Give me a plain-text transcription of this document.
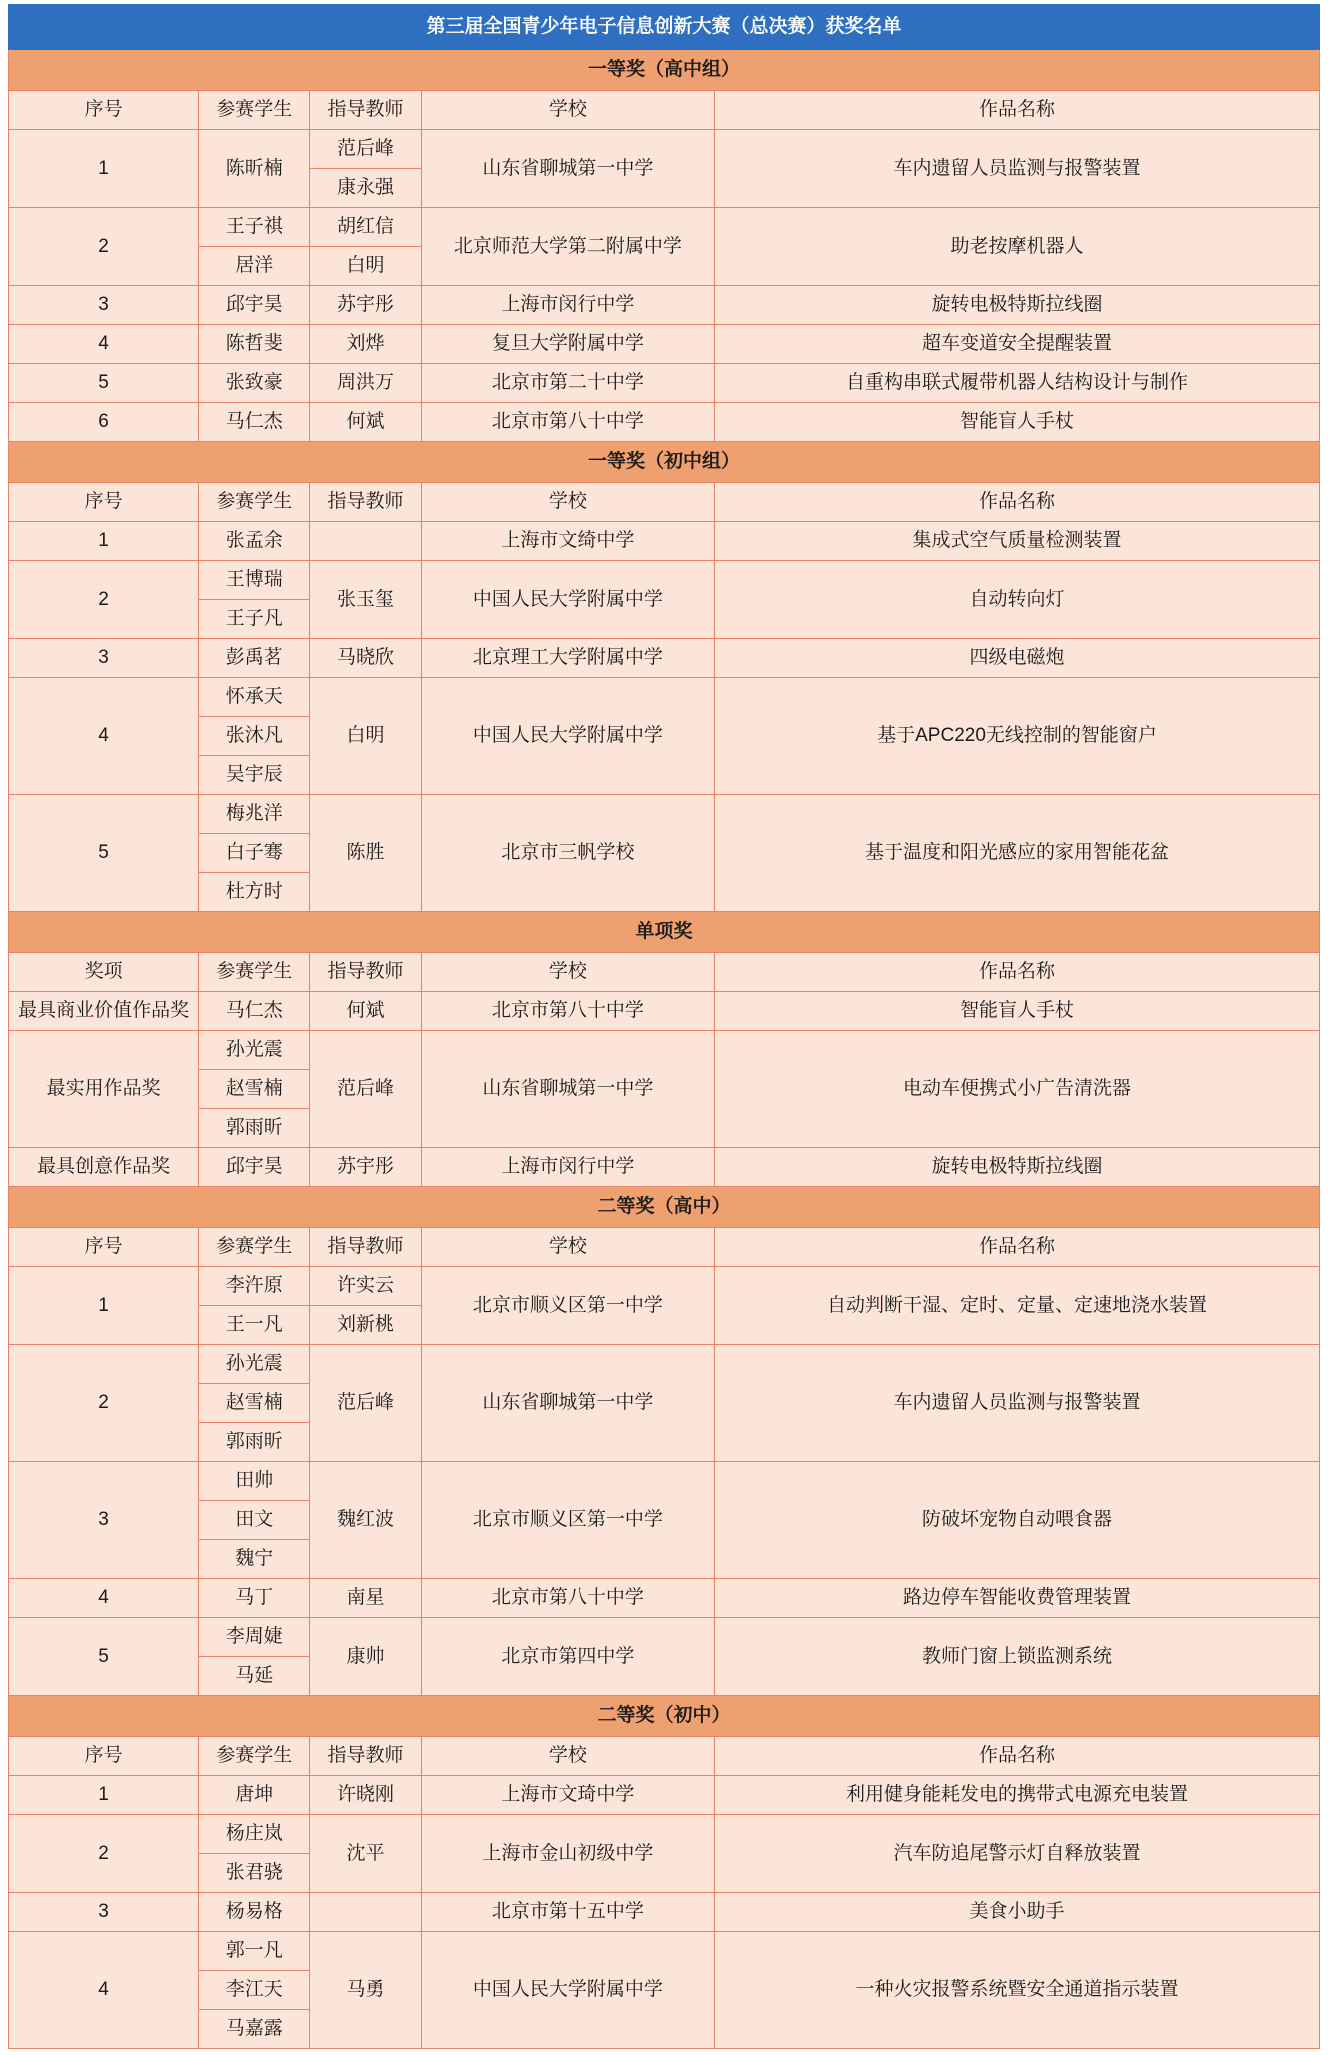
第三届全国青少年电子信息创新大赛（总决赛）获奖名单				
一等奖（高中组）				
序号	参赛学生	指导教师	学校	作品名称
1	陈昕楠	范后峰	山东省聊城第一中学	车内遗留人员监测与报警装置
		康永强		
2	王子祺	胡红信	北京师范大学第二附属中学	助老按摩机器人
	居洋	白明		
3	邱宇昊	苏宇彤	上海市闵行中学	旋转电极特斯拉线圈
4	陈哲斐	刘烨	复旦大学附属中学	超车变道安全提醒装置
5	张致豪	周洪万	北京市第二十中学	自重构串联式履带机器人结构设计与制作
6	马仁杰	何斌	北京市第八十中学	智能盲人手杖
一等奖（初中组）				
序号	参赛学生	指导教师	学校	作品名称
1	张孟余		上海市文绮中学	集成式空气质量检测装置
2	王博瑞	张玉玺	中国人民大学附属中学	自动转向灯
	王子凡			
3	彭禹茗	马晓欣	北京理工大学附属中学	四级电磁炮
4	怀承天	白明	中国人民大学附属中学	基于APC220无线控制的智能窗户
	张沐凡			
	吴宇辰			
5	梅兆洋	陈胜	北京市三帆学校	基于温度和阳光感应的家用智能花盆
	白子骞			
	杜方时			
单项奖				
奖项	参赛学生	指导教师	学校	作品名称
最具商业价值作品奖	马仁杰	何斌	北京市第八十中学	智能盲人手杖
最实用作品奖	孙光震	范后峰	山东省聊城第一中学	电动车便携式小广告清洗器
	赵雪楠			
	郭雨昕			
最具创意作品奖	邱宇昊	苏宇彤	上海市闵行中学	旋转电极特斯拉线圈
二等奖（高中）				
序号	参赛学生	指导教师	学校	作品名称
1	李汻原	许实云	北京市顺义区第一中学	自动判断干湿、定时、定量、定速地浇水装置
	王一凡	刘新桃		
2	孙光震	范后峰	山东省聊城第一中学	车内遗留人员监测与报警装置
	赵雪楠			
	郭雨昕			
3	田帅	魏红波	北京市顺义区第一中学	防破坏宠物自动喂食器
	田文			
	魏宁			
4	马丁	南星	北京市第八十中学	路边停车智能收费管理装置
5	李周婕	康帅	北京市第四中学	教师门窗上锁监测系统
	马延			
二等奖（初中）				
序号	参赛学生	指导教师	学校	作品名称
1	唐坤	许晓刚	上海市文琦中学	利用健身能耗发电的携带式电源充电装置
2	杨庄岚	沈平	上海市金山初级中学	汽车防追尾警示灯自释放装置
	张君骁			
3	杨易格		北京市第十五中学	美食小助手
4	郭一凡	马勇	中国人民大学附属中学	一种火灾报警系统暨安全通道指示装置
	李江天			
	马嘉露			
